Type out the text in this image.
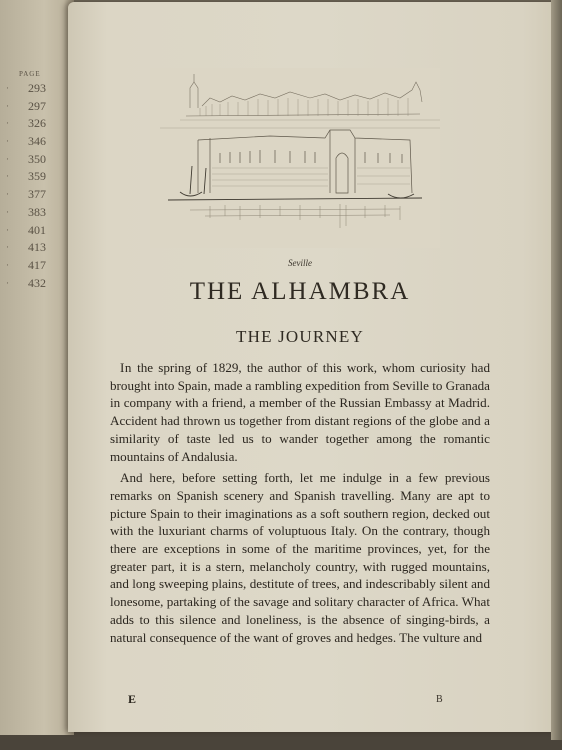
PAGE
· 293
· 297
· 326
· 346
· 350
· 359
· 377
· 383
· 401
· 413
· 417
· 432
Seville
THE ALHAMBRA
THE JOURNEY

In the spring of 1829, the author of this work, whom curiosity had brought into Spain, made a rambling expedition from Seville to Granada in company with a friend, a member of the Russian Embassy at Madrid. Accident had thrown us together from distant regions of the globe and a similarity of taste led us to wander together among the romantic mountains of Andalusia.

And here, before setting forth, let me indulge in a few previous remarks on Spanish scenery and Spanish travelling. Many are apt to picture Spain to their imaginations as a soft southern region, decked out with the luxuriant charms of voluptuous Italy. On the contrary, though there are exceptions in some of the maritime provinces, yet, for the greater part, it is a stern, melancholy country, with rugged mountains, and long sweeping plains, destitute of trees, and indescribably silent and lonesome, partaking of the savage and solitary character of Africa. What adds to this silence and loneliness, is the absence of singing-birds, a natural consequence of the want of groves and hedges. The vulture and

E	B
